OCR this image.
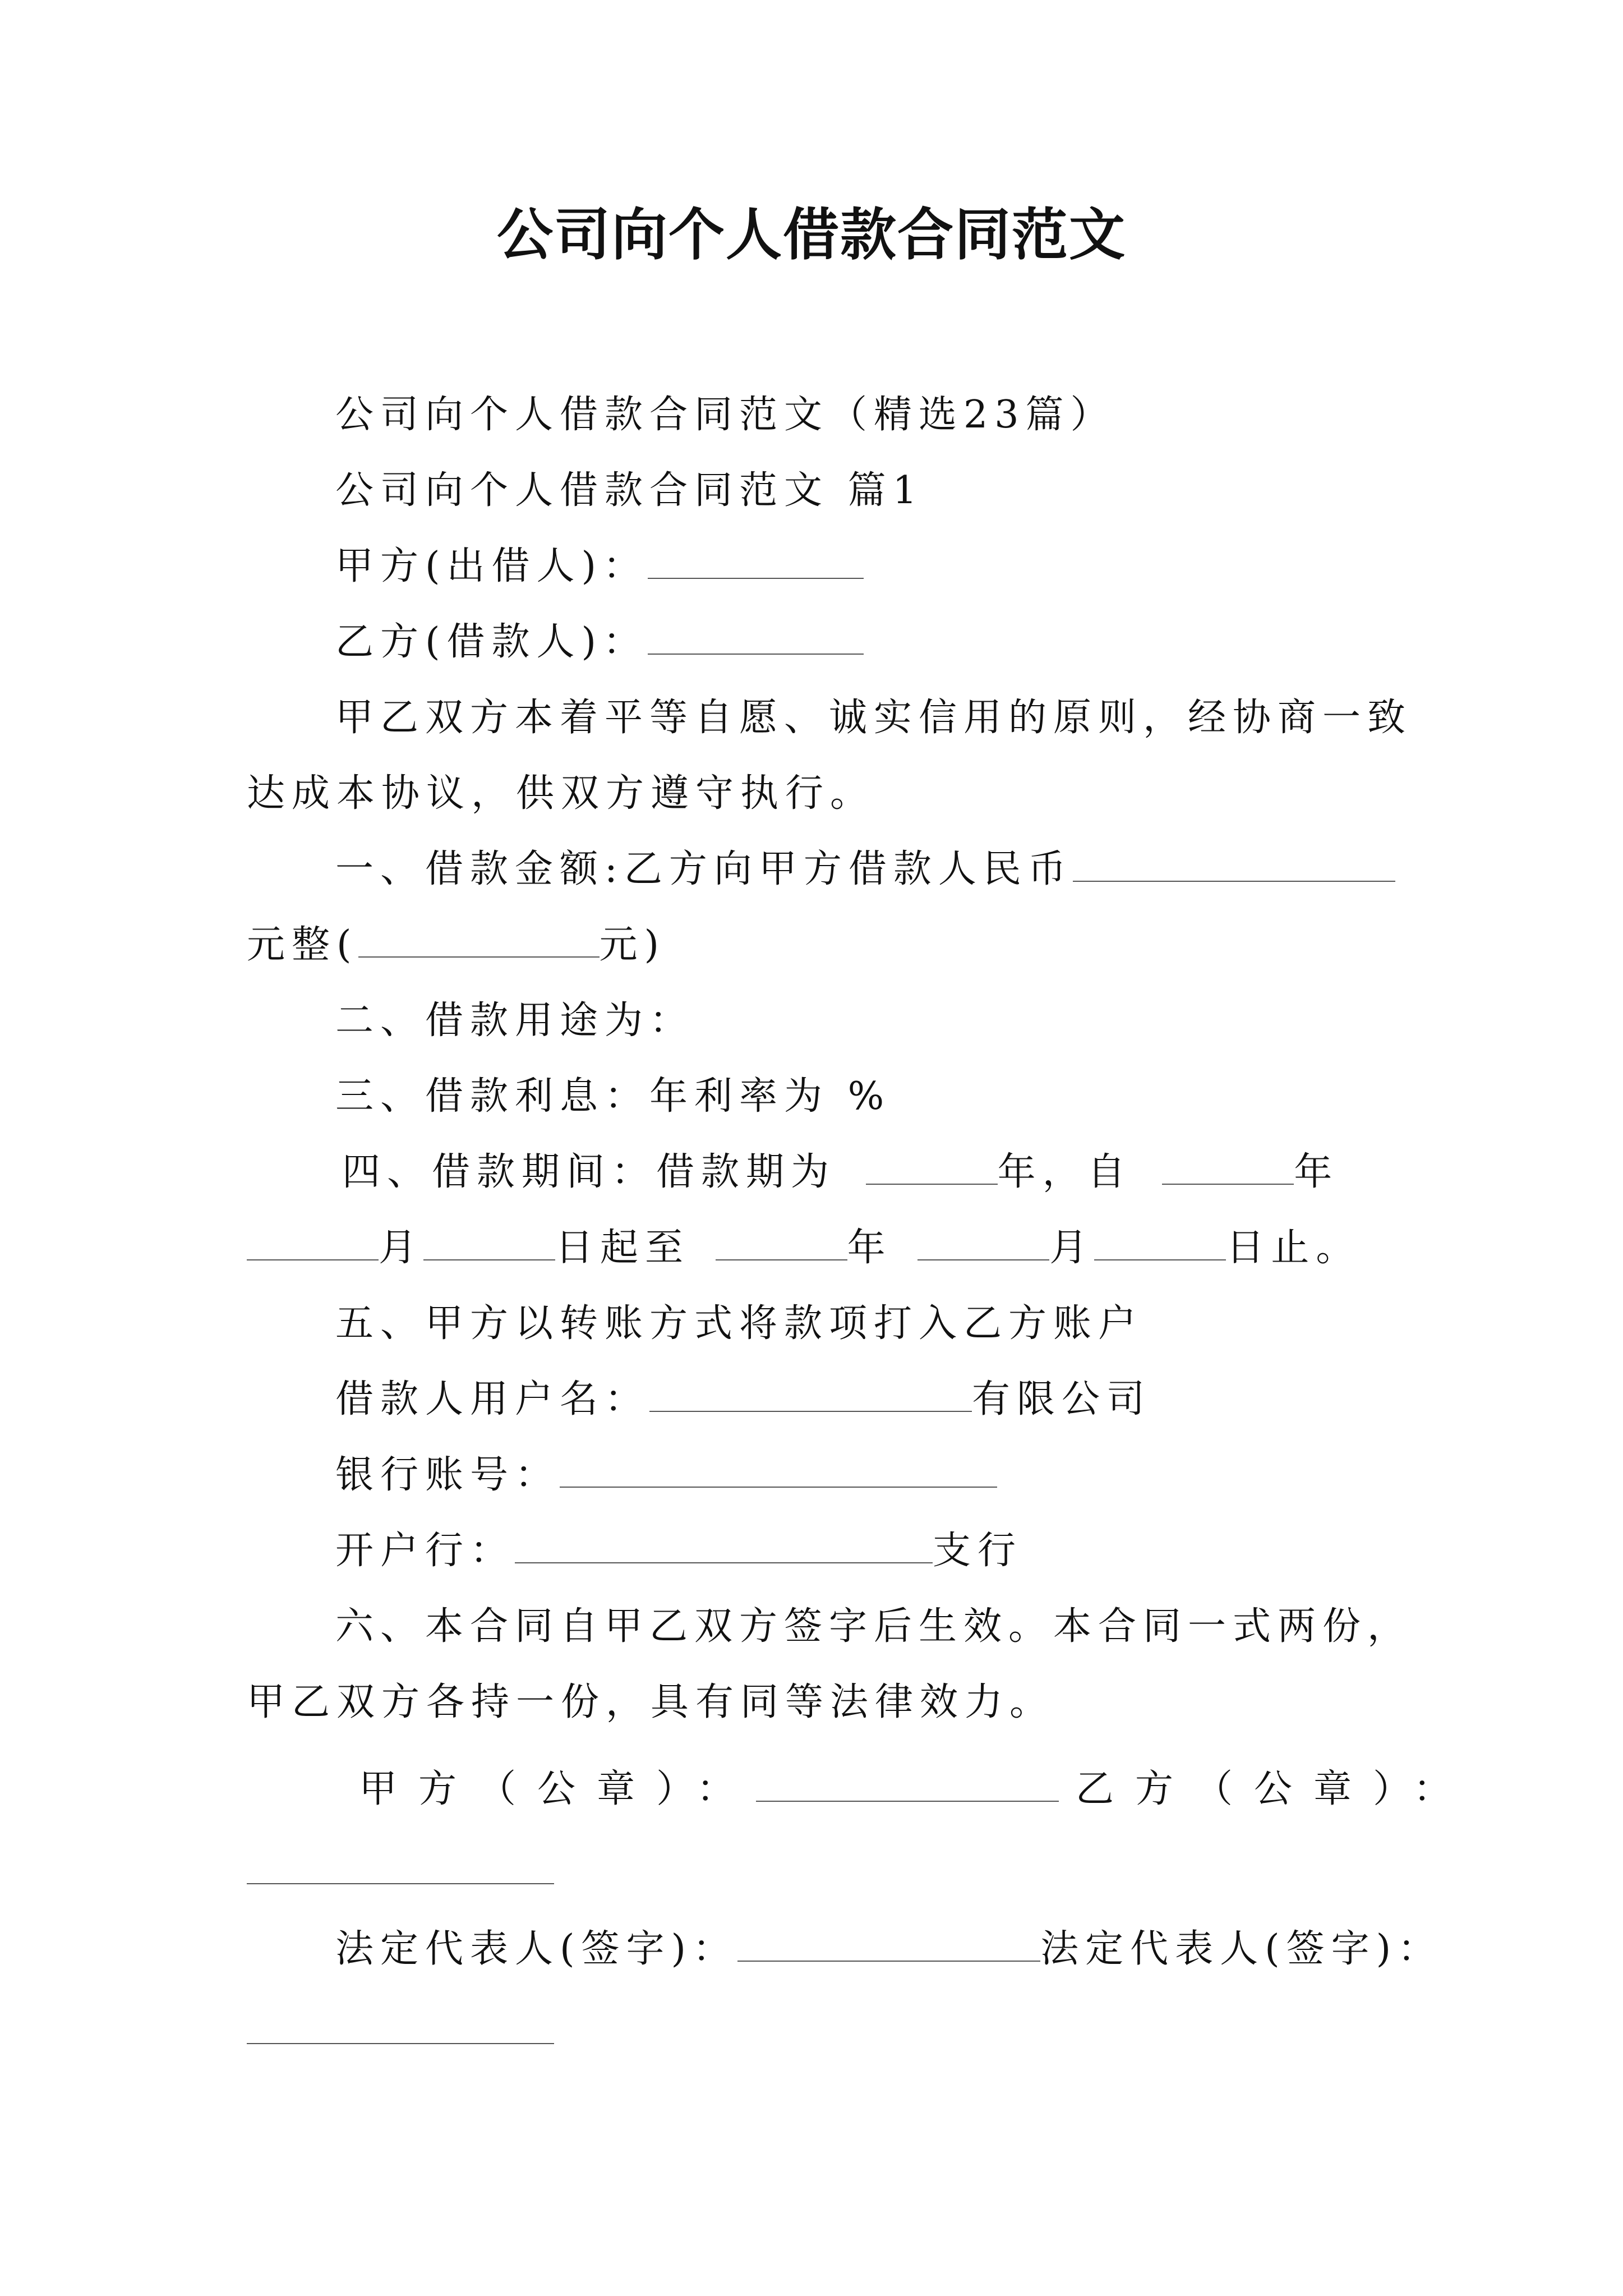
公司向个人借款合同范文
公司向个人借款合同范文（精选23篇）
公司向个人借款合同范文 篇1
甲方(出借人)：
乙方(借款人)：
甲乙双方本着平等自愿、诚实信用的原则，经协商一致
达成本协议，供双方遵守执行。
一、借款金额:乙方向甲方借款人民币
元整(	元)
二、借款用途为：
三、借款利息：年利率为 %
四、借款期间：借款期为	年，自	年
月	日起至	年	月	日止。
五、甲方以转账方式将款项打入乙方账户
借款人用户名：	有限公司
银行账号：
开户行：	支行
六、本合同自甲乙双方签字后生效。本合同一式两份，
甲乙双方各持一份，具有同等法律效力。
甲方（公章）：	乙方（公章）：
法定代表人(签字)：	法定代表人(签字)：
